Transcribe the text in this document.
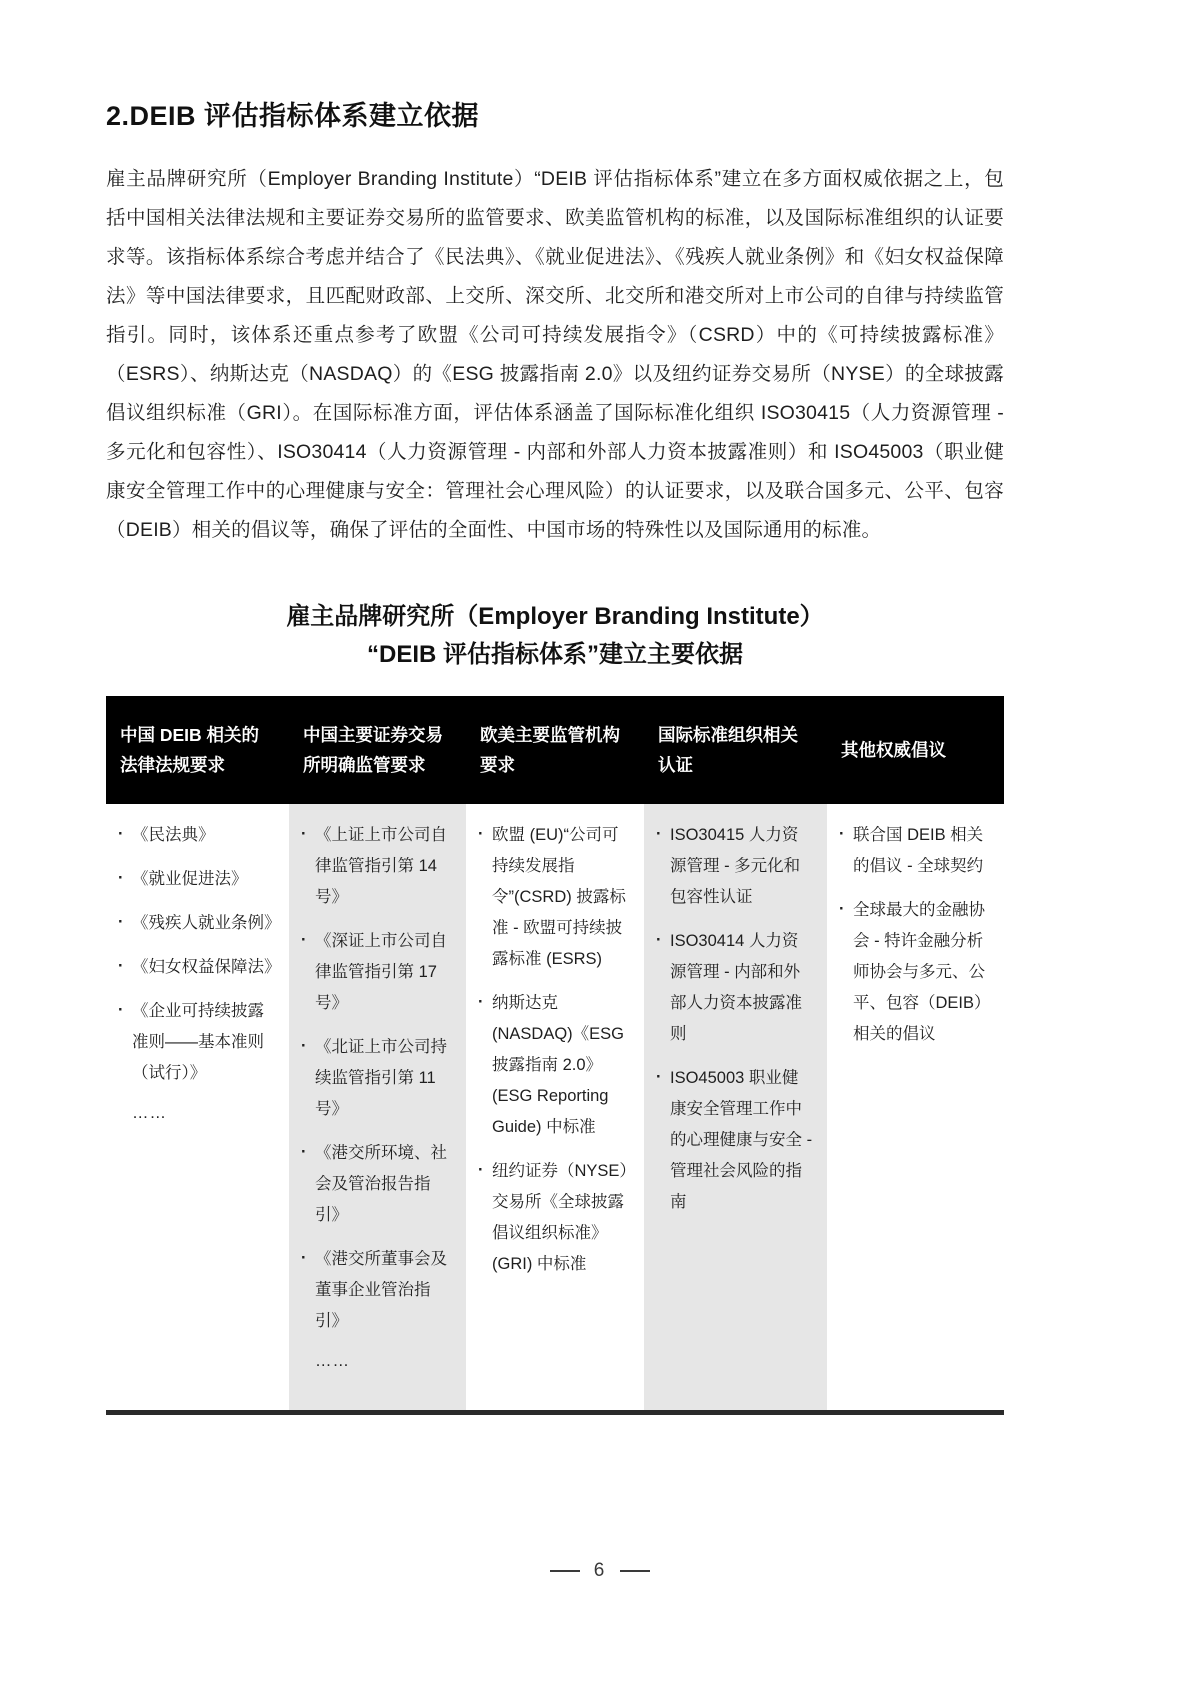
2.DEIB 评估指标体系建立依据

雇主品牌研究所（Employer Branding Institute）“DEIB 评估指标体系”建立在多方面权威依据之上，包括中国相关法律法规和主要证券交易所的监管要求、欧美监管机构的标准，以及国际标准组织的认证要求等。该指标体系综合考虑并结合了《民法典》、《就业促进法》、《残疾人就业条例》和《妇女权益保障法》等中国法律要求，且匹配财政部、上交所、深交所、北交所和港交所对上市公司的自律与持续监管指引。同时，该体系还重点参考了欧盟《公司可持续发展指令》（CSRD）中的《可持续披露标准》（ESRS）、纳斯达克（NASDAQ）的《ESG 披露指南 2.0》以及纽约证券交易所（NYSE）的全球披露倡议组织标准（GRI）。在国际标准方面，评估体系涵盖了国际标准化组织 ISO30415（人力资源管理 - 多元化和包容性）、ISO30414（人力资源管理 - 内部和外部人力资本披露准则）和 ISO45003（职业健康安全管理工作中的心理健康与安全：管理社会心理风险）的认证要求，以及联合国多元、公平、包容（DEIB）相关的倡议等，确保了评估的全面性、中国市场的特殊性以及国际通用的标准。

雇主品牌研究所（Employer Branding Institute）
“DEIB 评估指标体系”建立主要依据
中国 DEIB 相关的法律法规要求	中国主要证券交易所明确监管要求	欧美主要监管机构要求	国际标准组织相关认证	其他权威倡议

· 《民法典》
· 《就业促进法》
· 《残疾人就业条例》
· 《妇女权益保障法》
· 《企业可持续披露准则——基本准则（试行）》
……

· 《上证上市公司自律监管指引第 14 号》
· 《深证上市公司自律监管指引第 17 号》
· 《北证上市公司持续监管指引第 11 号》
· 《港交所环境、社会及管治报告指引》
· 《港交所董事会及董事企业管治指引》
……

· 欧盟 (EU)“公司可持续发展指令”(CSRD) 披露标准 - 欧盟可持续披露标准 (ESRS)
· 纳斯达克 (NASDAQ)《ESG 披露指南 2.0》(ESG Reporting Guide) 中标准
· 纽约证券（NYSE）交易所《全球披露倡议组织标准》(GRI) 中标准

· ISO30415 人力资源管理 - 多元化和包容性认证
· ISO30414 人力资源管理 - 内部和外部人力资本披露准则
· ISO45003 职业健康安全管理工作中的心理健康与安全 - 管理社会风险的指南

· 联合国 DEIB 相关的倡议 - 全球契约
· 全球最大的金融协会 - 特许金融分析师协会与多元、公平、包容（DEIB）相关的倡议
6
